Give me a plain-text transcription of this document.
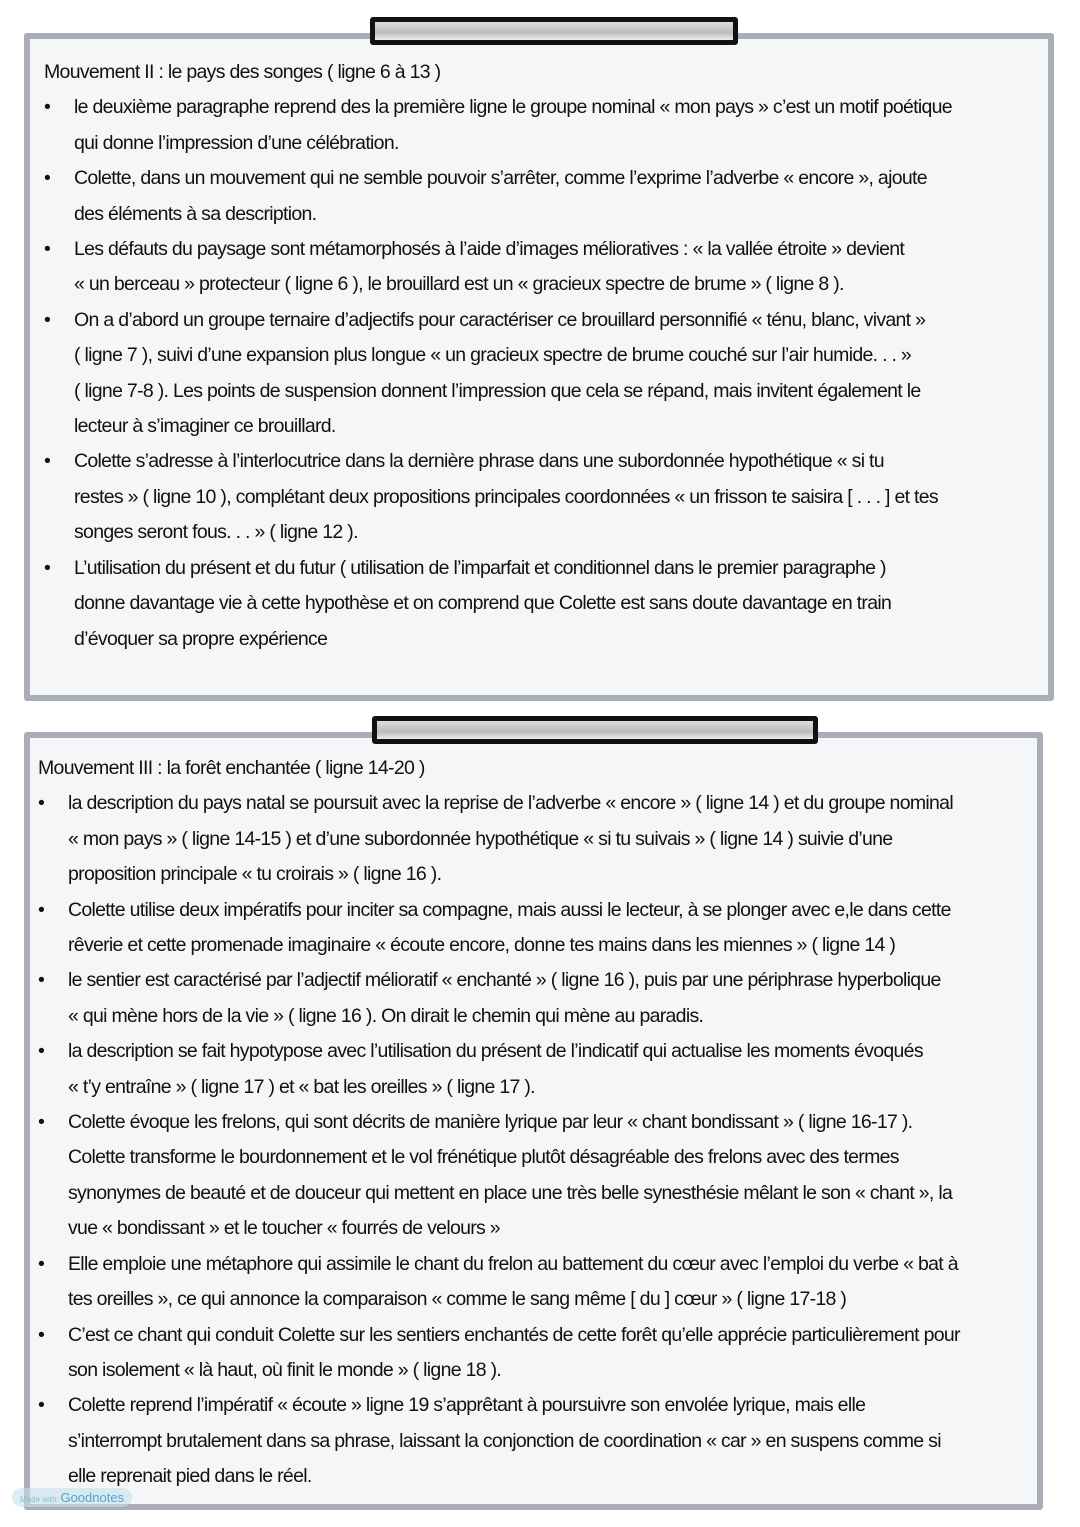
Mouvement II : le pays des songes ( ligne 6 à 13 )
• le deuxième paragraphe reprend des la première ligne le groupe nominal « mon pays » c’est un motif poétique
qui donne l’impression d’une célébration.
• Colette, dans un mouvement qui ne semble pouvoir s’arrêter, comme l’exprime l’adverbe « encore », ajoute
des éléments à sa description.
• Les défauts du paysage sont métamorphosés à l’aide d’images mélioratives : « la vallée étroite » devient
« un berceau » protecteur ( ligne 6 ), le brouillard est un « gracieux spectre de brume » ( ligne 8 ).
• On a d’abord un groupe ternaire d’adjectifs pour caractériser ce brouillard personnifié « ténu, blanc, vivant »
( ligne 7 ), suivi d’une expansion plus longue « un gracieux spectre de brume couché sur l’air humide. . . »
( ligne 7-8 ). Les points de suspension donnent l’impression que cela se répand, mais invitent également le
lecteur à s’imaginer ce brouillard.
• Colette s’adresse à l’interlocutrice dans la dernière phrase dans une subordonnée hypothétique « si tu
restes » ( ligne 10 ), complétant deux propositions principales coordonnées « un frisson te saisira [ . . . ] et tes
songes seront fous. . . » ( ligne 12 ).
• L’utilisation du présent et du futur ( utilisation de l’imparfait et conditionnel dans le premier paragraphe )
donne davantage vie à cette hypothèse et on comprend que Colette est sans doute davantage en train
d’évoquer sa propre expérience
Mouvement III : la forêt enchantée ( ligne 14-20 )
• la description du pays natal se poursuit avec la reprise de l’adverbe « encore » ( ligne 14 ) et du groupe nominal
« mon pays » ( ligne 14-15 ) et d’une subordonnée hypothétique « si tu suivais » ( ligne 14 ) suivie d’une
proposition principale « tu croirais » ( ligne 16 ).
• Colette utilise deux impératifs pour inciter sa compagne, mais aussi le lecteur, à se plonger avec e,le dans cette
rêverie et cette promenade imaginaire « écoute encore, donne tes mains dans les miennes » ( ligne 14 )
• le sentier est caractérisé par l’adjectif mélioratif « enchanté » ( ligne 16 ), puis par une périphrase hyperbolique
« qui mène hors de la vie » ( ligne 16 ). On dirait le chemin qui mène au paradis.
• la description se fait hypotypose avec l’utilisation du présent de l’indicatif qui actualise les moments évoqués
« t’y entraîne » ( ligne 17 ) et « bat les oreilles » ( ligne 17 ).
• Colette évoque les frelons, qui sont décrits de manière lyrique par leur « chant bondissant » ( ligne 16-17 ).
Colette transforme le bourdonnement et le vol frénétique plutôt désagréable des frelons avec des termes
synonymes de beauté et de douceur qui mettent en place une très belle synesthésie mêlant le son « chant », la
vue « bondissant » et le toucher « fourrés de velours »
• Elle emploie une métaphore qui assimile le chant du frelon au battement du cœur avec l’emploi du verbe « bat à
tes oreilles », ce qui annonce la comparaison « comme le sang même [ du ] cœur » ( ligne 17-18 )
• C’est ce chant qui conduit Colette sur les sentiers enchantés de cette forêt qu’elle apprécie particulièrement pour
son isolement « là haut, où finit le monde » ( ligne 18 ).
• Colette reprend l’impératif « écoute » ligne 19 s’apprêtant à poursuivre son envolée lyrique, mais elle
s’interrompt brutalement dans sa phrase, laissant la conjonction de coordination « car » en suspens comme si
elle reprenait pied dans le réel.
Made with Goodnotes
